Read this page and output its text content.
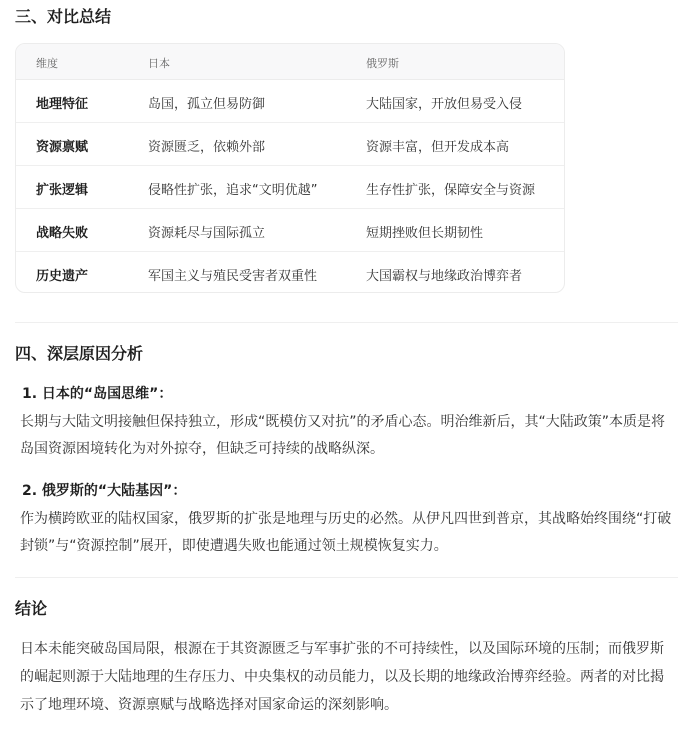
三、对比总结
维度	日本	俄罗斯
地理特征	岛国，孤立但易防御	大陆国家，开放但易受入侵
资源禀赋	资源匮乏，依赖外部	资源丰富，但开发成本高
扩张逻辑	侵略性扩张，追求“文明优越”	生存性扩张，保障安全与资源
战略失败	资源耗尽与国际孤立	短期挫败但长期韧性
历史遗产	军国主义与殖民受害者双重性	大国霸权与地缘政治博弈者
四、深层原因分析

1. 日本的“岛国思维”：

长期与大陆文明接触但保持独立，形成“既模仿又对抗”的矛盾心态。明治维新后，其“大陆政策”本质是将岛国资源困境转化为对外掠夺，但缺乏可持续的战略纵深。

2. 俄罗斯的“大陆基因”：

作为横跨欧亚的陆权国家，俄罗斯的扩张是地理与历史的必然。从伊凡四世到普京，其战略始终围绕“打破封锁”与“资源控制”展开，即使遭遇失败也能通过领土规模恢复实力。

结论

日本未能突破岛国局限，根源在于其资源匮乏与军事扩张的不可持续性，以及国际环境的压制；而俄罗斯的崛起则源于大陆地理的生存压力、中央集权的动员能力，以及长期的地缘政治博弈经验。两者的对比揭示了地理环境、资源禀赋与战略选择对国家命运的深刻影响。
